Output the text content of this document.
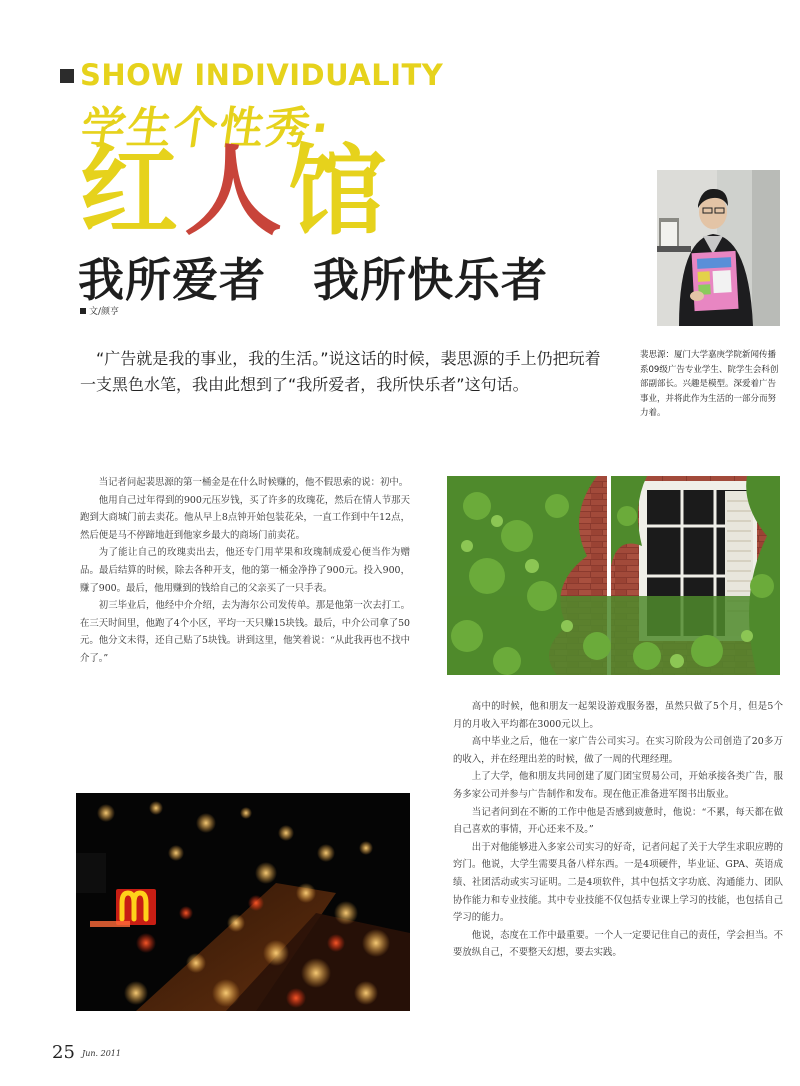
SHOW INDIVIDUALITY
学生个性秀·
红人馆
我所爱者　我所快乐者
文/颜亨
“广告就是我的事业，我的生活。”说这话的时候，裴思源的手上仍把玩着一支黑色水笔，我由此想到了“我所爱者，我所快乐者”这句话。
裴思源：厦门大学嘉庚学院新闻传播系09级广告专业学生、院学生会科创部副部长。兴趣是模型。深爱着广告事业，并将此作为生活的一部分而努力着。

当记者问起裴思源的第一桶金是在什么时候赚的，他不假思索的说：初中。

他用自己过年得到的900元压岁钱，买了许多的玫瑰花，然后在情人节那天跑到大商城门前去卖花。他从早上8点钟开始包装花朵，一直工作到中午12点，然后便是马不停蹄地赶到他家乡最大的商场门前卖花。

为了能让自己的玫瑰卖出去，他还专门用苹果和玫瑰制成爱心便当作为赠品。最后结算的时候，除去各种开支，他的第一桶金净挣了900元。投入900，赚了900。最后，他用赚到的钱给自己的父亲买了一只手表。

初三毕业后，他经中介介绍，去为海尔公司发传单。那是他第一次去打工。在三天时间里，他跑了4个小区，平均一天只赚15块钱。最后，中介公司拿了50元。他分文未得，还自己贴了5块钱。讲到这里，他笑着说：“从此我再也不找中介了。”

高中的时候，他和朋友一起架设游戏服务器，虽然只做了5个月，但是5个月的月收入平均都在3000元以上。

高中毕业之后，他在一家广告公司实习。在实习阶段为公司创造了20多万的收入，并在经理出差的时候，做了一周的代理经理。

上了大学，他和朋友共同创建了厦门团宝贸易公司，开始承接各类广告，服务多家公司并参与广告制作和发布。现在他正准备进军图书出版业。

当记者问到在不断的工作中他是否感到疲惫时，他说：“不累，每天都在做自己喜欢的事情，开心还来不及。”

出于对他能够进入多家公司实习的好奇，记者问起了关于大学生求职应聘的窍门。他说，大学生需要具备八样东西。一是4项硬件，毕业证、GPA、英语成绩、社团活动或实习证明。二是4项软件，其中包括文字功底、沟通能力、团队协作能力和专业技能。其中专业技能不仅包括专业课上学习的技能，也包括自己学习的能力。

他说，态度在工作中最重要。一个人一定要记住自己的责任，学会担当。不要放纵自己，不要整天幻想，要去实践。

25 Jun. 2011
